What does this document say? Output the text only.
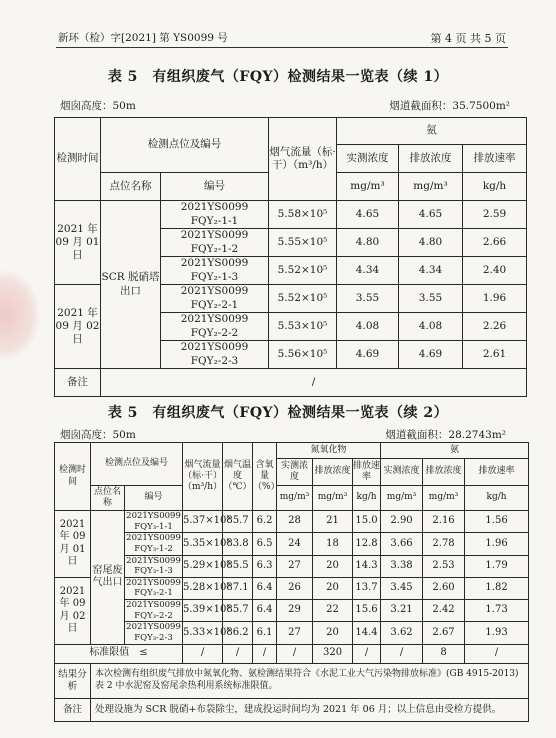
新环（检）字[2021] 第 YS0099 号	第 4 页 共 5 页
表 5　有组织废气（FQY）检测结果一览表（续 1）
烟囱高度：50m	烟道截面积：35.7500m²
检测时间	检测点位及编号		烟气流量（标·干）（m³/h）	氨		
				实测浓度	排放浓度	排放速率
	点位名称	编号		mg/m³	mg/m³	kg/h
2021 年 09 月 01 日	SCR 脱硝塔出口	2021YS0099 FQY₂-1-1	5.58×10⁵	4.65	4.65	2.59
		2021YS0099 FQY₂-1-2	5.55×10⁵	4.80	4.80	2.66
		2021YS0099 FQY₂-1-3	5.52×10⁵	4.34	4.34	2.40
2021 年 09 月 02 日		2021YS0099 FQY₂-2-1	5.52×10⁵	3.55	3.55	1.96
		2021YS0099 FQY₂-2-2	5.53×10⁵	4.08	4.08	2.26
		2021YS0099 FQY₂-2-3	5.56×10⁵	4.69	4.69	2.61
备注	/					
表 5　有组织废气（FQY）检测结果一览表（续 2）
烟囱高度：50m	烟道截面积：28.2743m²
检测时间	检测点位及编号		烟气流量（标·干）（m³/h）	烟气温度（℃）	含氧量（%）	氮氧化物			氨		
						实测浓度	排放浓度	排放速率	实测浓度	排放浓度	排放速率
	点位名称	编号				mg/m³	mg/m³	kg/h	mg/m³	mg/m³	kg/h
2021 年 09 月 01 日	窑尾废气出口	2021YS0099 FQY₃-1-1	5.37×10⁵	85.7	6.2	28	21	15.0	2.90	2.16	1.56
		2021YS0099 FQY₃-1-2	5.35×10⁵	83.8	6.5	24	18	12.8	3.66	2.78	1.96
		2021YS0099 FQY₃-1-3	5.29×10⁵	85.5	6.3	27	20	14.3	3.38	2.53	1.79
2021 年 09 月 02 日		2021YS0099 FQY₃-2-1	5.28×10⁵	87.1	6.4	26	20	13.7	3.45	2.60	1.82
		2021YS0099 FQY₃-2-2	5.39×10⁵	85.7	6.4	29	22	15.6	3.21	2.42	1.73
		2021YS0099 FQY₃-2-3	5.33×10⁵	86.2	6.1	27	20	14.4	3.62	2.67	1.93
标准限值　≤			/	/	/	/	320	/	/	8	/
结果分析	本次检测有组织废气排放中氮氧化物、氨检测结果符合《水泥工业大气污染物排放标准》(GB 4915-2013) 表 2 中水泥窑及窑尾余热利用系统标准限值。										
备注	处理设施为 SCR 脱硝+布袋除尘，建成投运时间均为 2021 年 06 月；以上信息由受检方提供。										
